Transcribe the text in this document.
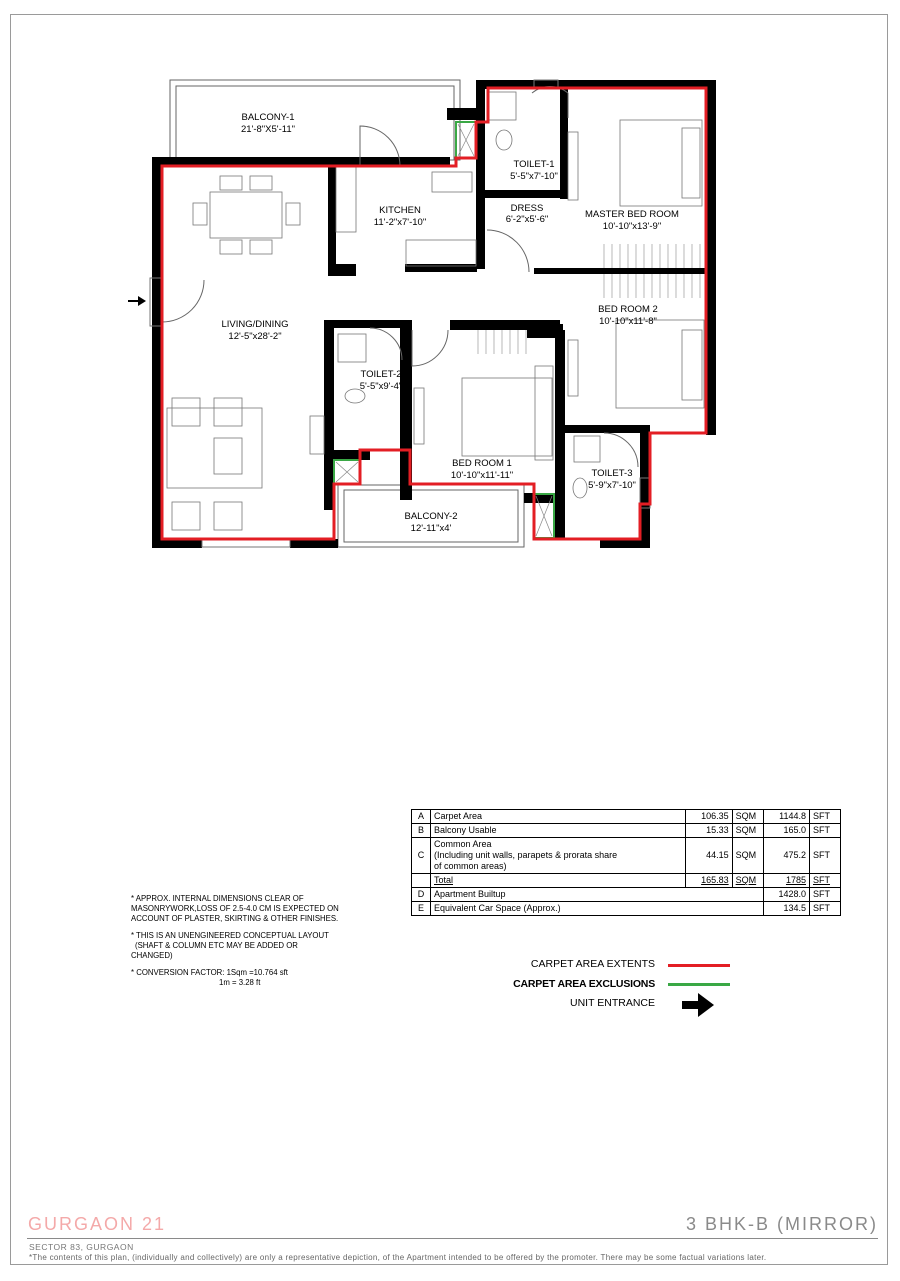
BALCONY-1
21'-8"X5'-11"
KITCHEN
11'-2"x7'-10"
TOILET-1
5'-5"x7'-10"
DRESS
6'-2"x5'-6"	MASTER BED ROOM
10'-10"x13'-9"
LIVING/DINING
12'-5"x28'-2"
BED ROOM 2
10'-10"x11'-8"
TOILET-2
5'-5"x9'-4"
BED ROOM 1
10'-10"x11'-11"	TOILET-3
5'-9"x7'-10"
BALCONY-2
12'-11"x4'
A	Carpet Area	106.35	SQM	1144.8	SFT
B	Balcony Usable	15.33	SQM	165.0	SFT
C	Common Area
(Including unit walls, parapets & prorata share
of common areas)	44.15	SQM	475.2	SFT
	Total	165.83	SQM	1785	SFT
D	Apartment Builtup			1428.0	SFT
E	Equivalent Car Space (Approx.)			134.5	SFT

* APPROX. INTERNAL DIMENSIONS CLEAR OF MASONRYWORK,LOSS OF 2.5-4.0 CM IS EXPECTED ON ACCOUNT OF PLASTER, SKIRTING & OTHER FINISHES.

* THIS IS AN UNENGINEERED CONCEPTUAL LAYOUT
(SHAFT & COLUMN ETC MAY BE ADDED OR CHANGED)

* CONVERSION FACTOR: 1Sqm =10.764 sft
1m = 3.28 ft

CARPET AREA EXTENTS
CARPET AREA EXCLUSIONS
UNIT ENTRANCE
GURGAON 21	3 BHK-B (MIRROR)
SECTOR 83, GURGAON
*The contents of this plan, (individually and collectively) are only a representative depiction, of the Apartment intended to be offered by the promoter. There may be some factual variations later.
